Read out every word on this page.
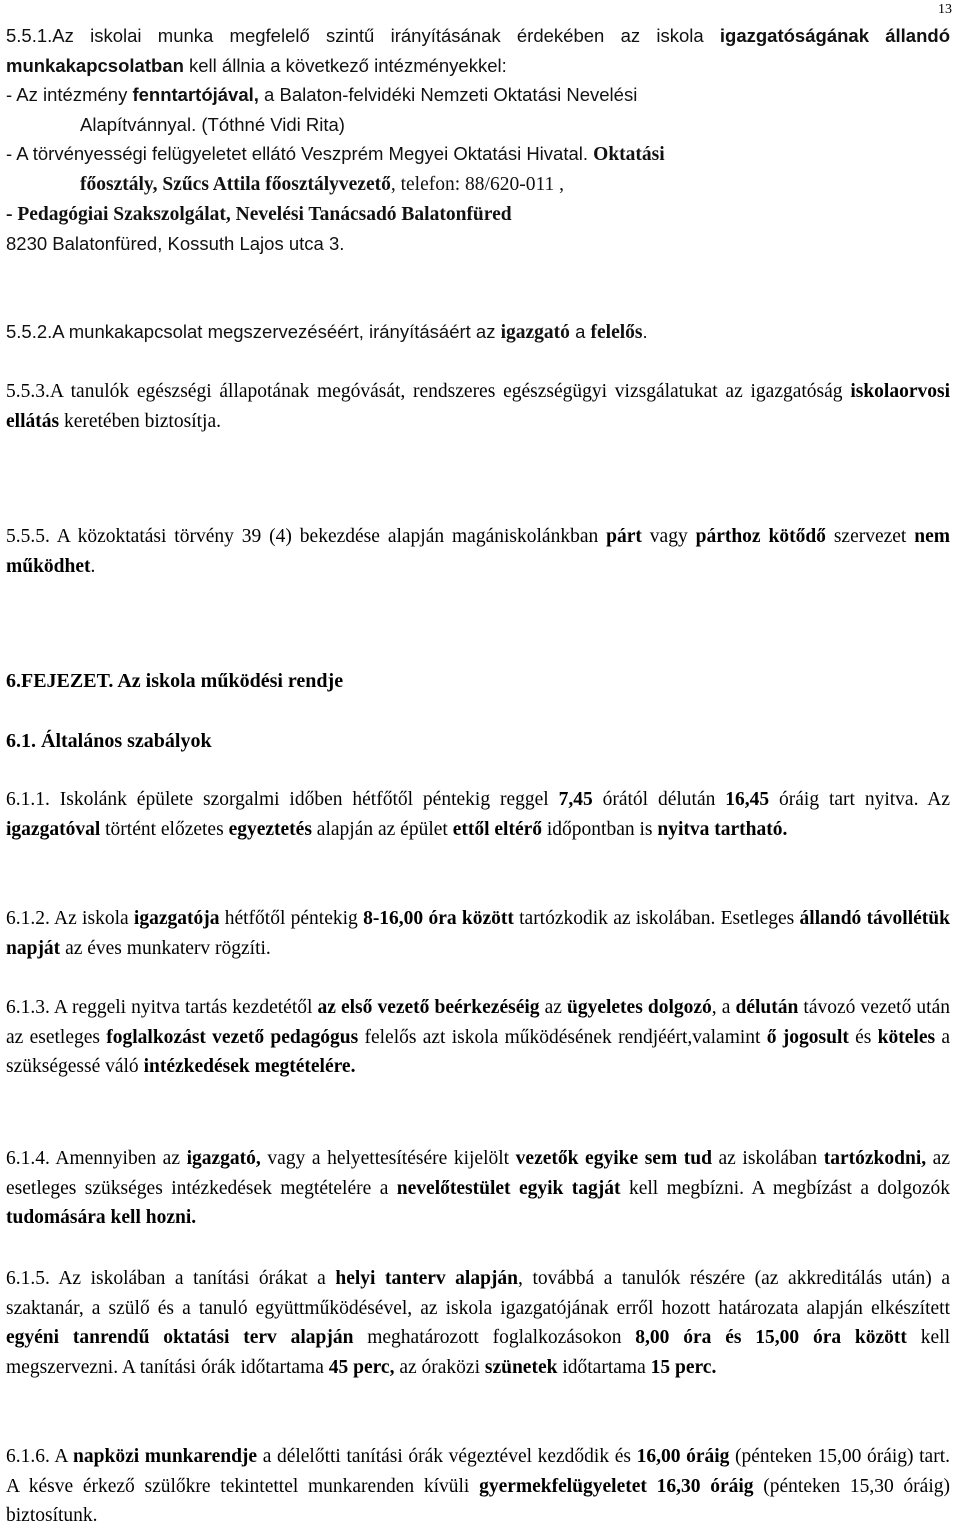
13
5.5.1.Az iskolai munka megfelelő szintű irányításának érdekében az iskola igazgatóságának állandó munkakapcsolatban kell állnia a következő intézményekkel:
- Az intézmény fenntartójával, a Balaton-felvidéki Nemzeti Oktatási Nevelési
Alapítvánnyal. (Tóthné Vidi Rita)
- A törvényességi felügyeletet ellátó Veszprém Megyei Oktatási Hivatal. Oktatási
főosztály, Szűcs Attila főosztályvezető, telefon: 88/620-011 ,
- Pedagógiai Szakszolgálat, Nevelési Tanácsadó Balatonfüred
8230 Balatonfüred, Kossuth Lajos utca 3.
5.5.2.A munkakapcsolat megszervezéséért, irányításáért az igazgató a felelős.
5.5.3.A tanulók egészségi állapotának megóvását, rendszeres egészségügyi vizsgálatukat az igazgatóság iskolaorvosi ellátás keretében biztosítja.
5.5.5. A közoktatási törvény 39 (4) bekezdése alapján magániskolánkban párt vagy párthoz kötődő szervezet nem működhet.
6.FEJEZET. Az iskola működési rendje
6.1. Általános szabályok
6.1.1. Iskolánk épülete szorgalmi időben hétfőtől péntekig reggel 7,45 órától délután 16,45 óráig tart nyitva. Az igazgatóval történt előzetes egyeztetés alapján az épület ettől eltérő időpontban is nyitva tartható.
6.1.2. Az iskola igazgatója hétfőtől péntekig 8-16,00 óra között tartózkodik az iskolában. Esetleges állandó távollétük napját az éves munkaterv rögzíti.
6.1.3. A reggeli nyitva tartás kezdetétől az első vezető beérkezéséig az ügyeletes dolgozó, a délután távozó vezető után az esetleges foglalkozást vezető pedagógus felelős azt iskola működésének rendjéért,valamint ő jogosult és köteles a szükségessé váló intézkedések megtételére.
6.1.4. Amennyiben az igazgató, vagy a helyettesítésére kijelölt vezetők egyike sem tud az iskolában tartózkodni, az esetleges szükséges intézkedések megtételére a nevelőtestület egyik tagját kell megbízni. A megbízást a dolgozók tudomására kell hozni.
6.1.5. Az iskolában a tanítási órákat a helyi tanterv alapján, továbbá a tanulók részére (az akkreditálás után) a szaktanár, a szülő és a tanuló együttműködésével, az iskola igazgatójának erről hozott határozata alapján elkészített egyéni tanrendű oktatási terv alapján meghatározott foglalkozásokon 8,00 óra és 15,00 óra között kell megszervezni. A tanítási órák időtartama 45 perc, az óraközi szünetek időtartama 15 perc.
6.1.6. A napközi munkarendje a délelőtti tanítási órák végeztével kezdődik és 16,00 óráig (pénteken 15,00 óráig) tart. A késve érkező szülőkre tekintettel munkarenden kívüli gyermekfelügyeletet 16,30 óráig (pénteken 15,30 óráig) biztosítunk.
